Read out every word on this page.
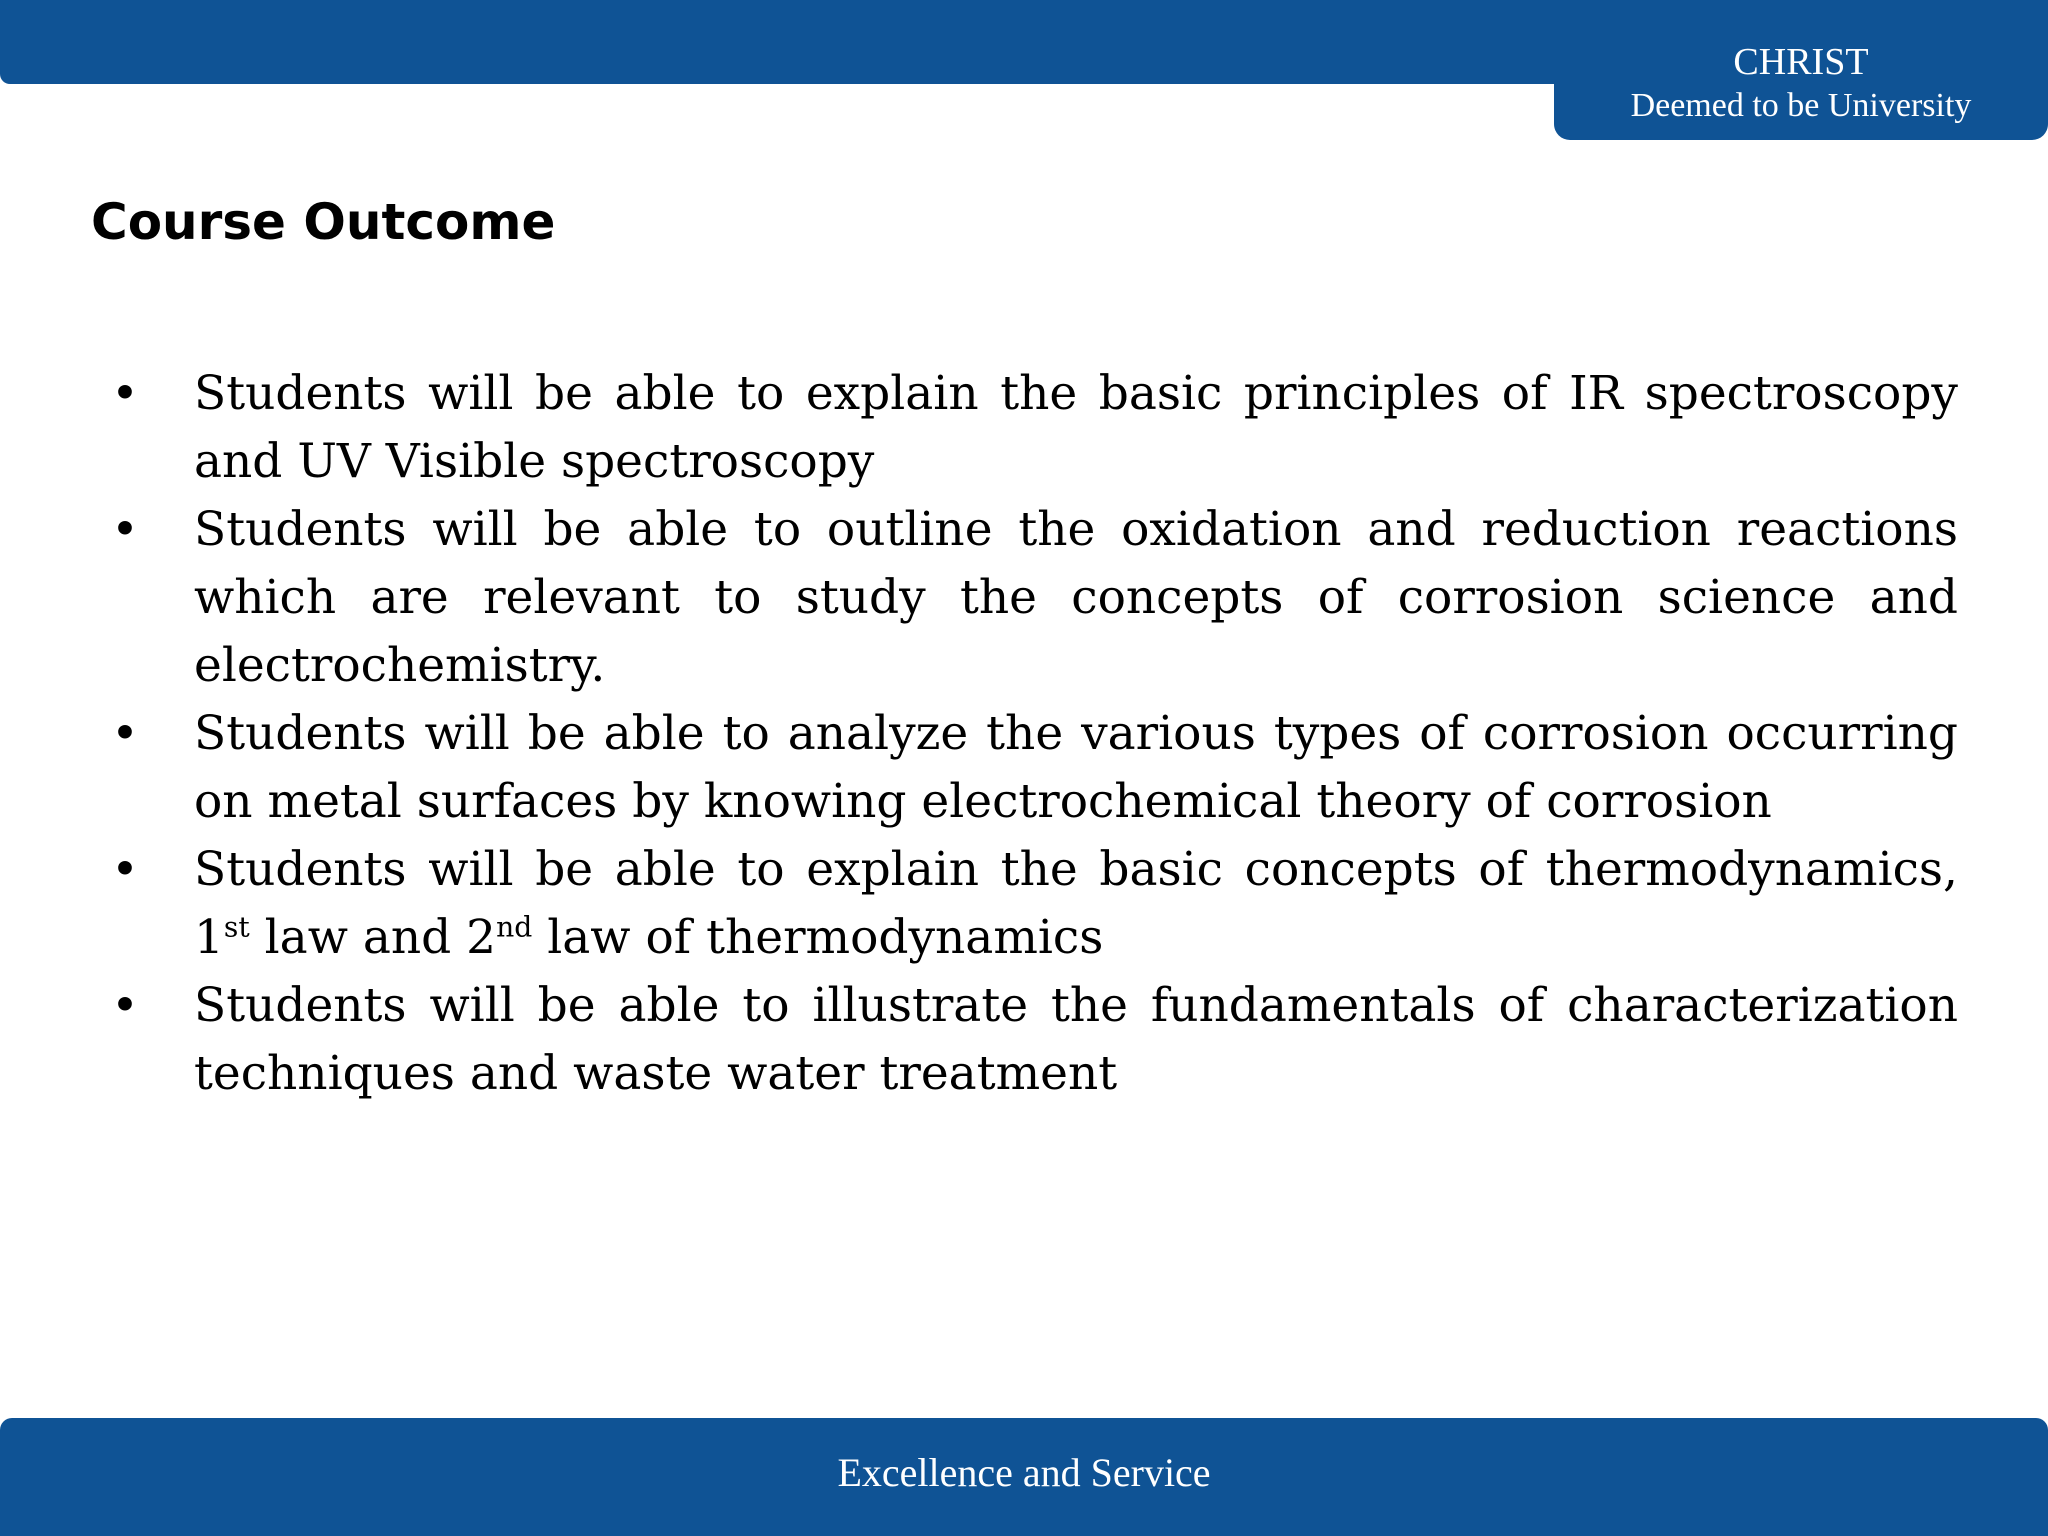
CHRIST
Deemed to be University
Course Outcome
• Students will be able to explain the basic principles of IR spectroscopy and UV Visible spectroscopy
• Students will be able to outline the oxidation and reduction reactions which are relevant to study the concepts of corrosion science and electrochemistry.
• Students will be able to analyze the various types of corrosion occurring on metal surfaces by knowing electrochemical theory of corrosion
• Students will be able to explain the basic concepts of thermodynamics, 1st law and 2nd law of thermodynamics
• Students will be able to illustrate the fundamentals of characterization techniques and waste water treatment
Excellence and Service
